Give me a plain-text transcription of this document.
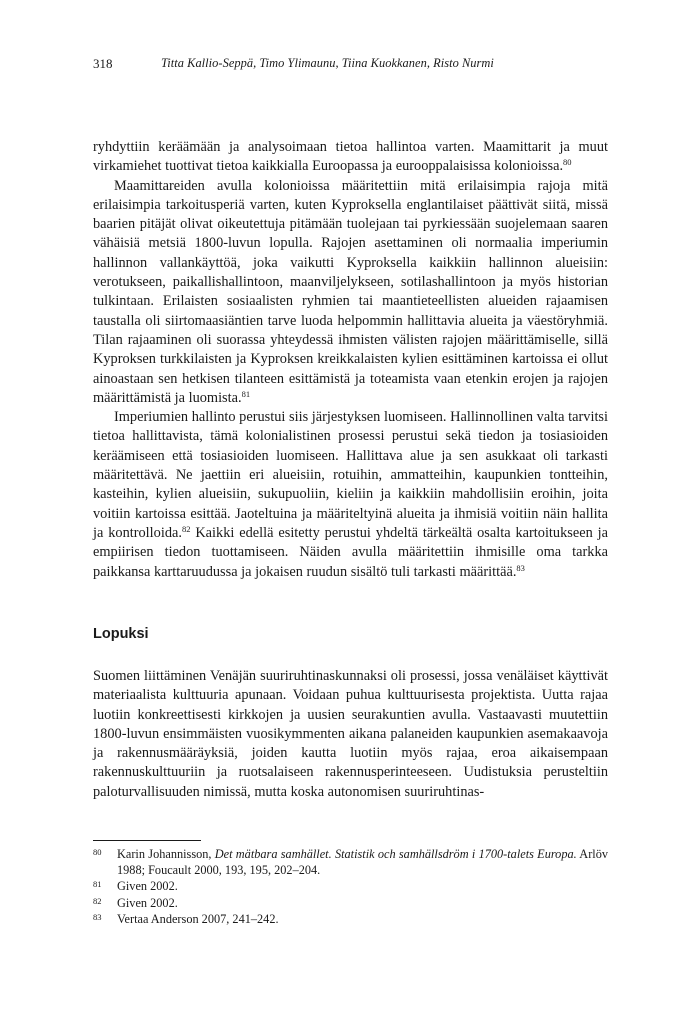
318	Titta Kallio-Seppä, Timo Ylimaunu, Tiina Kuokkanen, Risto Nurmi

ryhdyttiin keräämään ja analysoimaan tietoa hallintoa varten. Maamittarit ja muut virkamiehet tuottivat tietoa kaikkialla Euroopassa ja eurooppalaisissa kolonioissa.$^{80}$

Maamittareiden avulla kolonioissa määritettiin mitä erilaisimpia rajoja mitä erilaisimpia tarkoitusperiä varten, kuten Kyproksella englantilaiset päättivät siitä, missä baarien pitäjät olivat oikeutettuja pitämään tuolejaan tai pyrkiessään suojelemaan saaren vähäisiä metsiä 1800-luvun lopulla. Rajojen asettaminen oli normaalia imperiumin hallinnon vallankäyttöä, joka vaikutti Kyproksella kaikkiin hallinnon alueisiin: verotukseen, paikallishallintoon, maanviljelykseen, sotilashallintoon ja myös historian tulkintaan. Erilaisten sosiaalisten ryhmien tai maantieteellisten alueiden rajaamisen taustalla oli siirtomaasiäntien tarve luoda helpommin hallittavia alueita ja väestöryhmiä. Tilan rajaaminen oli suorassa yhteydessä ihmisten välisten rajojen määrittämiselle, sillä Kyproksen turkkilaisten ja Kyproksen kreikkalaisten kylien esittäminen kartoissa ei ollut ainoastaan sen hetkisen tilanteen esittämistä ja toteamista vaan etenkin erojen ja rajojen määrittämistä ja luomista.$^{81}$

Imperiumien hallinto perustui siis järjestyksen luomiseen. Hallinnollinen valta tarvitsi tietoa hallittavista, tämä kolonialistinen prosessi perustui sekä tiedon ja tosiasioiden keräämiseen että tosiasioiden luomiseen. Hallittava alue ja sen asukkaat oli tarkasti määritettävä. Ne jaettiin eri alueisiin, rotuihin, ammatteihin, kaupunkien tontteihin, kasteihin, kylien alueisiin, sukupuoliin, kieliin ja kaikkiin mahdollisiin eroihin, joita voitiin kartoissa esittää. Jaoteltuina ja määriteltyinä alueita ja ihmisiä voitiin näin hallita ja kontrolloida.$^{82}$ Kaikki edellä esitetty perustui yhdeltä tärkeältä osalta kartoitukseen ja empiirisen tiedon tuottamiseen. Näiden avulla määritettiin ihmisille oma tarkka paikkansa karttaruudussa ja jokaisen ruudun sisältö tuli tarkasti määrittää.$^{83}$

Lopuksi

Suomen liittäminen Venäjän suuriruhtinaskunnaksi oli prosessi, jossa venäläiset käyttivät materiaalista kulttuuria apunaan. Voidaan puhua kulttuurisesta projektista. Uutta rajaa luotiin konkreettisesti kirkkojen ja uusien seurakuntien avulla. Vastaavasti muutettiin 1800-luvun ensimmäisten vuosikymmenten aikana palaneiden kaupunkien asemakaavoja ja rakennusmääräyksiä, joiden kautta luotiin myös rajaa, eroa aikaisempaan rakennuskulttuuriin ja ruotsalaiseen rakennusperinteeseen. Uudistuksia perusteltiin paloturvallisuuden nimissä, mutta koska autonomisen suuriruhtinas-

80 Karin Johannisson, Det mätbara samhället. Statistik och samhällsdröm i 1700-talets Europa. Arlöv 1988; Foucault 2000, 193, 195, 202–204.
81 Given 2002.
82 Given 2002.
83 Vertaa Anderson 2007, 241–242.
